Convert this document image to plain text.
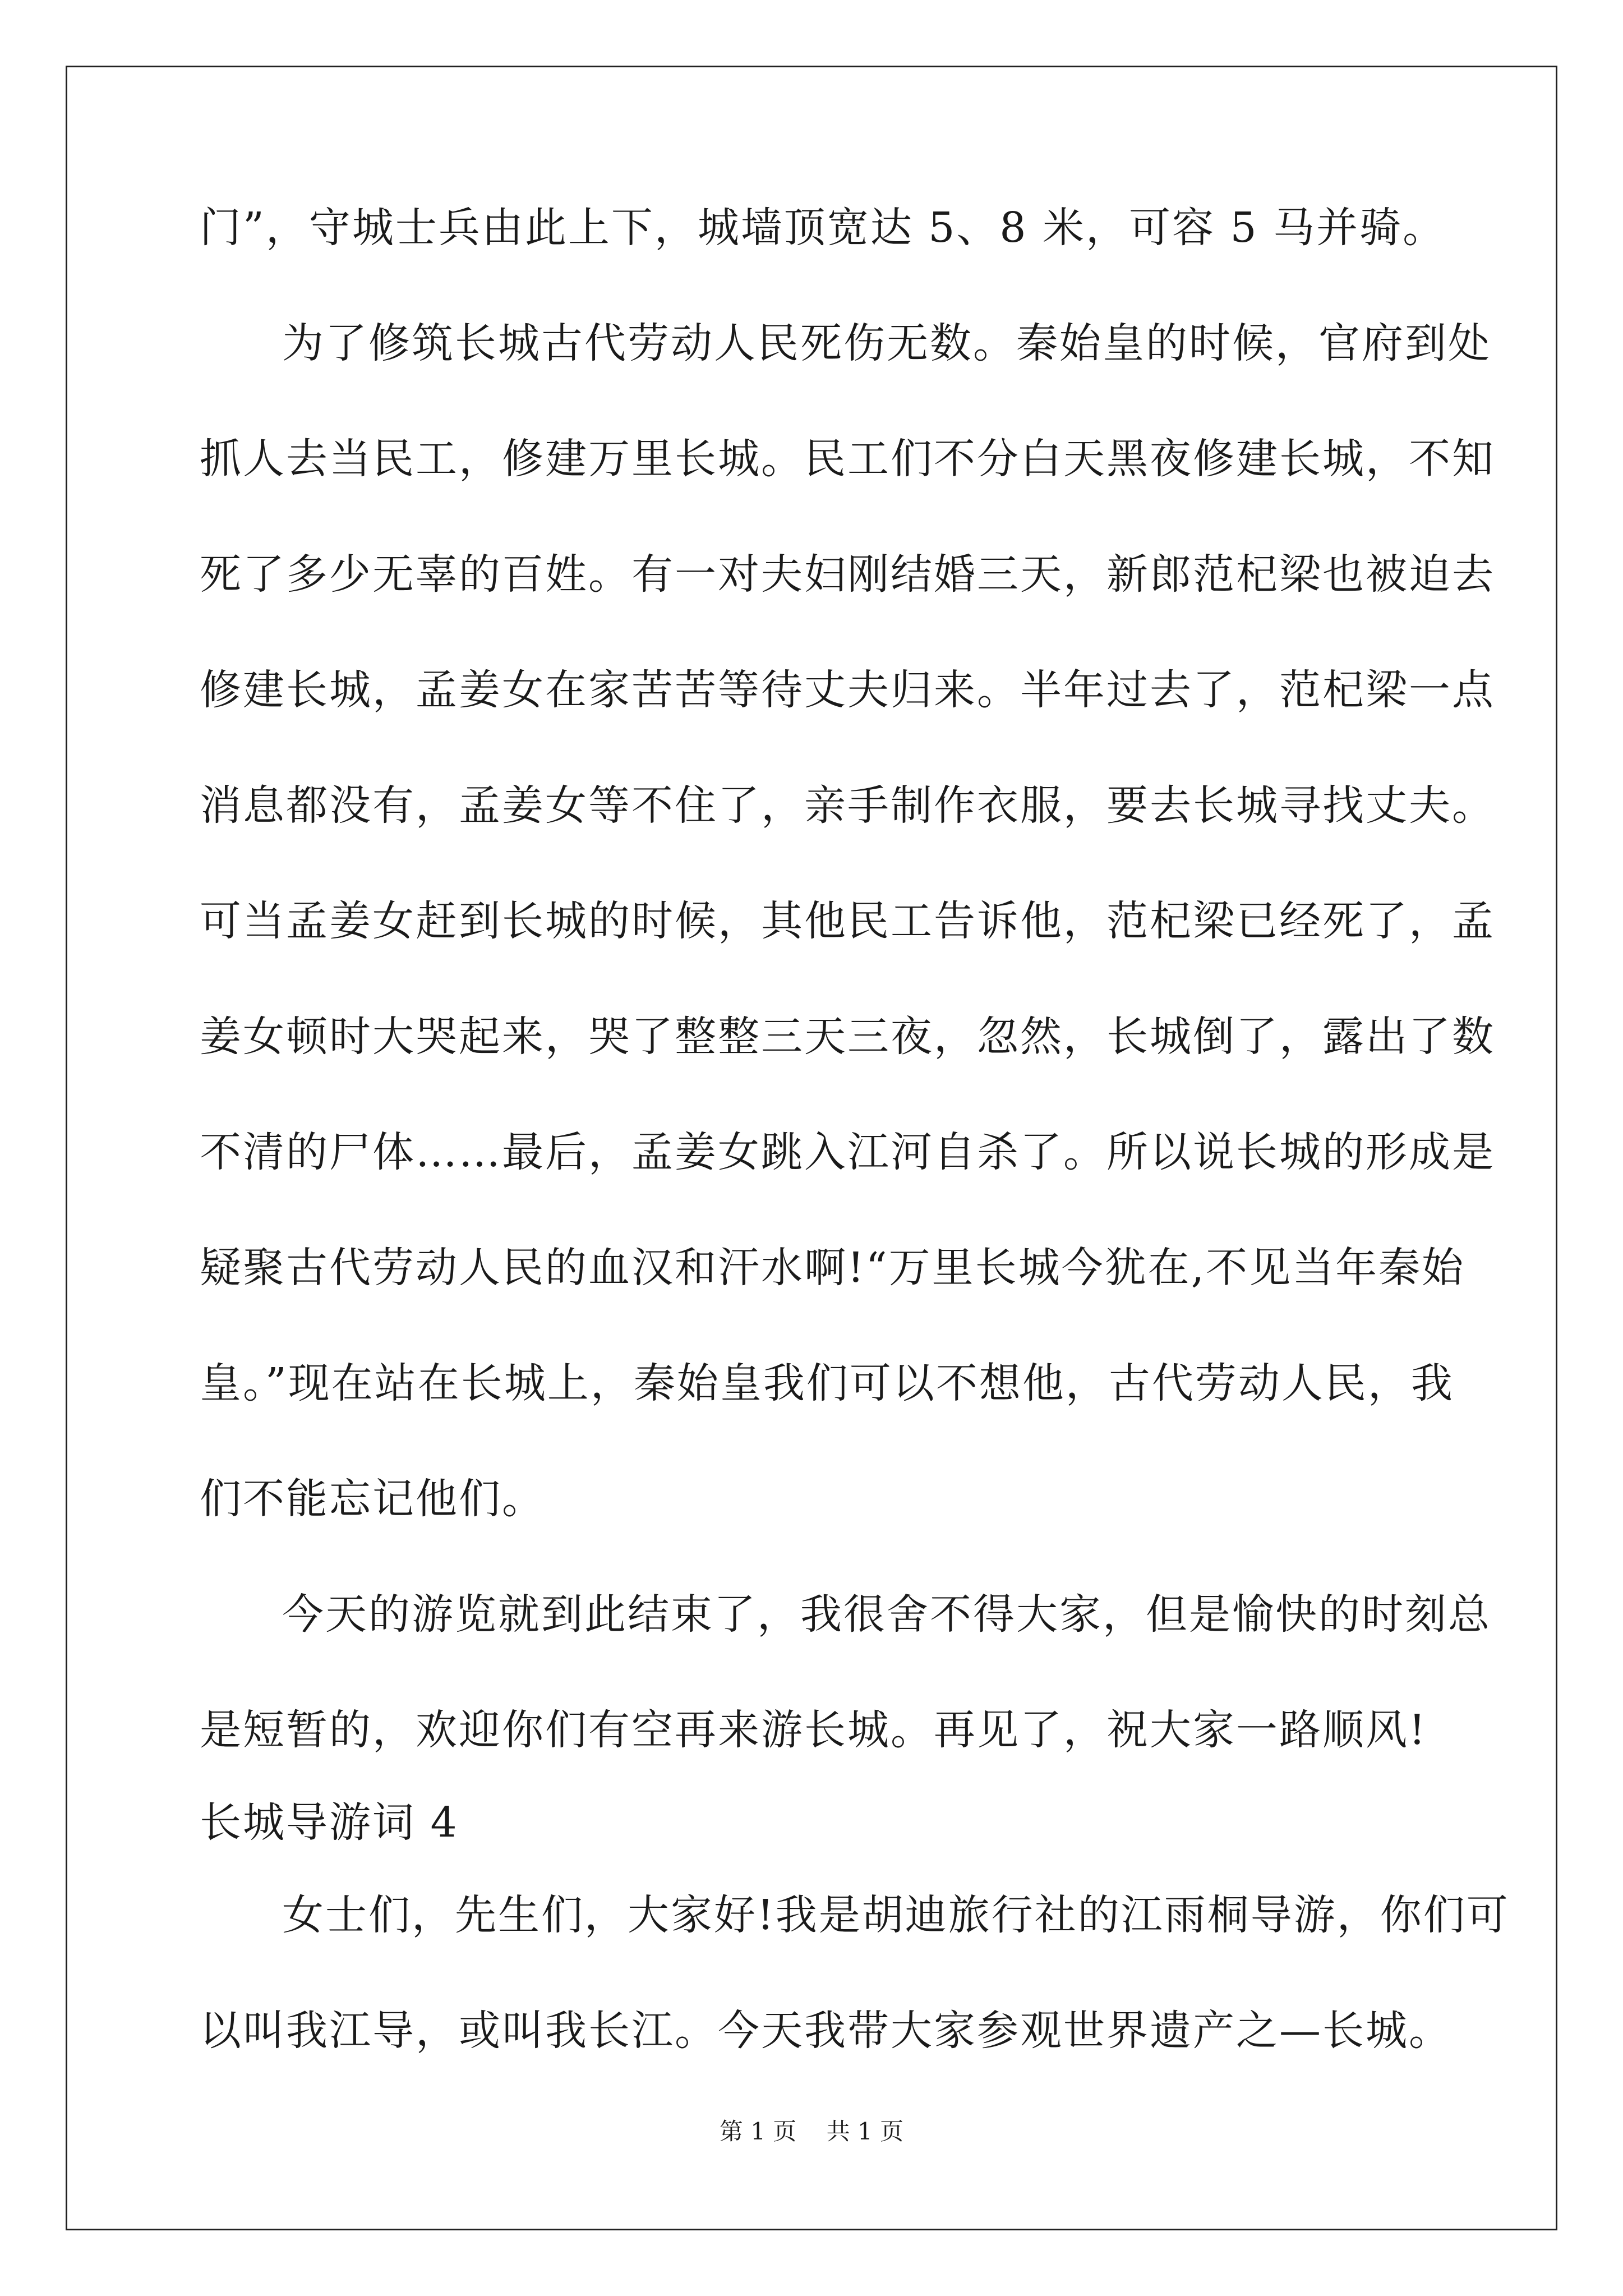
门”，守城士兵由此上下，城墙顶宽达 5、8 米，可容 5 马并骑。
为了修筑长城古代劳动人民死伤无数。秦始皇的时候，官府到处
抓人去当民工，修建万里长城。民工们不分白天黑夜修建长城，不知
死了多少无辜的百姓。有一对夫妇刚结婚三天，新郎范杞梁也被迫去
修建长城，孟姜女在家苦苦等待丈夫归来。半年过去了，范杞梁一点
消息都没有，孟姜女等不住了，亲手制作衣服，要去长城寻找丈夫。
可当孟姜女赶到长城的时候，其他民工告诉他，范杞梁已经死了，孟
姜女顿时大哭起来，哭了整整三天三夜，忽然，长城倒了，露出了数
不清的尸体……最后，孟姜女跳入江河自杀了。所以说长城的形成是
疑聚古代劳动人民的血汉和汗水啊!“万里长城今犹在,不见当年秦始
皇。”现在站在长城上，秦始皇我们可以不想他，古代劳动人民，我
们不能忘记他们。
今天的游览就到此结束了，我很舍不得大家，但是愉快的时刻总
是短暂的，欢迎你们有空再来游长城。再见了，祝大家一路顺风!
长城导游词 4
女士们，先生们，大家好!我是胡迪旅行社的江雨桐导游，你们可
以叫我江导，或叫我长江。今天我带大家参观世界遗产之—长城。
第 1 页    共 1 页
